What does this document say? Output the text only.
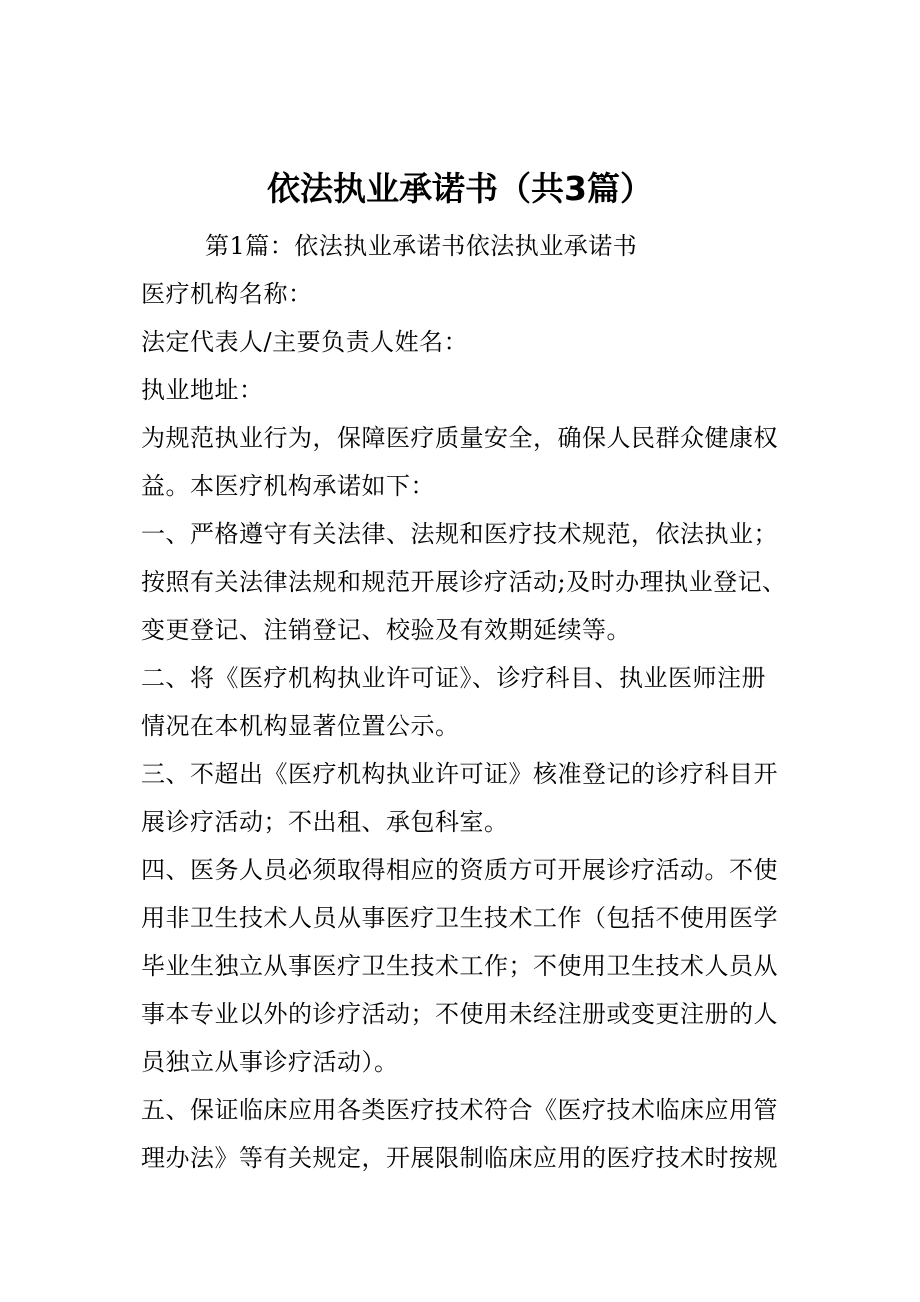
依法执业承诺书（共3篇）

第1篇：依法执业承诺书依法执业承诺书

医疗机构名称：

法定代表人/主要负责人姓名：

执业地址：

为规范执业行为，保障医疗质量安全，确保人民群众健康权
益。本医疗机构承诺如下：

一、严格遵守有关法律、法规和医疗技术规范，依法执业；
按照有关法律法规和规范开展诊疗活动;及时办理执业登记、
变更登记、注销登记、校验及有效期延续等。

二、将《医疗机构执业许可证》、诊疗科目、执业医师注册
情况在本机构显著位置公示。

三、不超出《医疗机构执业许可证》核准登记的诊疗科目开
展诊疗活动；不出租、承包科室。

四、医务人员必须取得相应的资质方可开展诊疗活动。不使
用非卫生技术人员从事医疗卫生技术工作（包括不使用医学
毕业生独立从事医疗卫生技术工作；不使用卫生技术人员从
事本专业以外的诊疗活动；不使用未经注册或变更注册的人
员独立从事诊疗活动）。

五、保证临床应用各类医疗技术符合《医疗技术临床应用管
理办法》等有关规定，开展限制临床应用的医疗技术时按规
